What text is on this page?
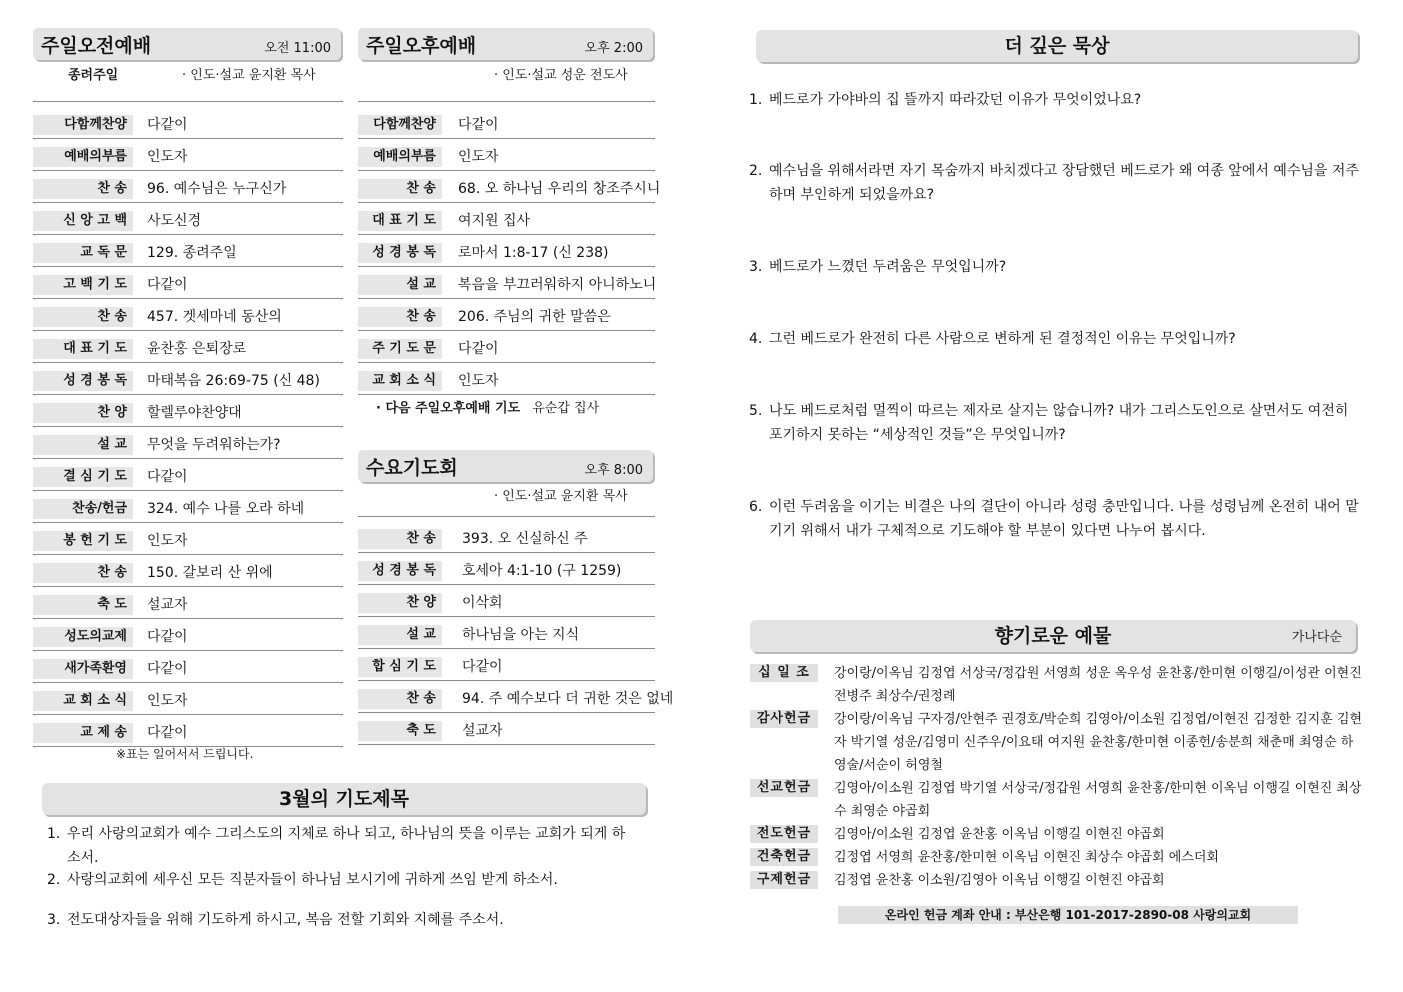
주일오전예배	오전 11:00
종려주일	· 인도·설교 윤지환 목사
다함께찬양	다같이
예배의부름	인도자
찬 송	96. 예수님은 누구신가
신 앙 고 백	사도신경
교 독 문	129. 종려주일
고 백 기 도	다같이
찬 송	457. 겟세마네 동산의
대 표 기 도	윤찬홍 은퇴장로
성 경 봉 독	마태복음 26:69-75 (신 48)
찬 양	할렐루야찬양대
설 교	무엇을 두려워하는가?
결 심 기 도	다같이
찬송/헌금	324. 예수 나를 오라 하네
봉 헌 기 도	인도자
찬 송	150. 갈보리 산 위에
축 도	설교자
성도의교제	다같이
새가족환영	다같이
교 회 소 식	인도자
교 제 송	다같이
※표는 일어서서 드립니다.
주일오후예배	오후 2:00
· 인도·설교 성운 전도사
다함께찬양	다같이
예배의부름	인도자
찬 송	68. 오 하나님 우리의 창조주시니
대 표 기 도	여지원 집사
성 경 봉 독	로마서 1:8-17 (신 238)
설 교	복음을 부끄러워하지 아니하노니
찬 송	206. 주님의 귀한 말씀은
주 기 도 문	다같이
교 회 소 식	인도자
· 다음 주일오후예배 기도 유순갑 집사
수요기도회	오후 8:00
· 인도·설교 윤지환 목사
찬 송	393. 오 신실하신 주
성 경 봉 독	호세아 4:1-10 (구 1259)
찬 양	이삭회
설 교	하나님을 아는 지식
합 심 기 도	다같이
찬 송	94. 주 예수보다 더 귀한 것은 없네
축 도	설교자
3월의 기도제목
1. 우리 사랑의교회가 예수 그리스도의 지체로 하나 되고, 하나님의 뜻을 이루는 교회가 되게 하소서.
2. 사랑의교회에 세우신 모든 직분자들이 하나님 보시기에 귀하게 쓰임 받게 하소서.
3. 전도대상자들을 위해 기도하게 하시고, 복음 전할 기회와 지혜를 주소서.
더 깊은 묵상
1. 베드로가 가야바의 집 뜰까지 따라갔던 이유가 무엇이었나요?
2. 예수님을 위해서라면 자기 목숨까지 바치겠다고 장담했던 베드로가 왜 여종 앞에서 예수님을 저주하며 부인하게 되었을까요?
3. 베드로가 느꼈던 두려움은 무엇입니까?
4. 그런 베드로가 완전히 다른 사람으로 변하게 된 결정적인 이유는 무엇입니까?
5. 나도 베드로처럼 멀찍이 따르는 제자로 살지는 않습니까? 내가 그리스도인으로 살면서도 여전히 포기하지 못하는 “세상적인 것들”은 무엇입니까?
6. 이런 두려움을 이기는 비결은 나의 결단이 아니라 성령 충만입니다. 나를 성령님께 온전히 내어 맡기기 위해서 내가 구체적으로 기도해야 할 부분이 있다면 나누어 봅시다.
향기로운 예물	가나다순
십 일 조	강이랑/이옥님 김정엽 서상국/정갑원 서영희 성운 옥우성 윤찬홍/한미현 이행길/이성관 이현진 전병주 최상수/권정례
감사헌금	강이랑/이옥님 구자경/안현주 권경호/박순희 김영아/이소원 김정엽/이현진 김정한 김지훈 김현자 박기열 성운/김영미 신주우/이요태 여지원 윤찬홍/한미현 이종헌/송분희 채춘매 최영순 하영술/서순이 허영철
선교헌금	김영아/이소원 김정엽 박기열 서상국/정갑원 서영희 윤찬홍/한미현 이옥님 이행길 이현진 최상수 최영순 야곱회
전도헌금	김영아/이소원 김정엽 윤찬홍 이옥님 이행길 이현진 야곱회
건축헌금	김정엽 서영희 윤찬홍/한미현 이옥님 이현진 최상수 야곱회 에스더회
구제헌금	김정엽 윤찬홍 이소원/김영아 이옥님 이행길 이현진 야곱회
온라인 헌금 계좌 안내 : 부산은행 101-2017-2890-08 사랑의교회
